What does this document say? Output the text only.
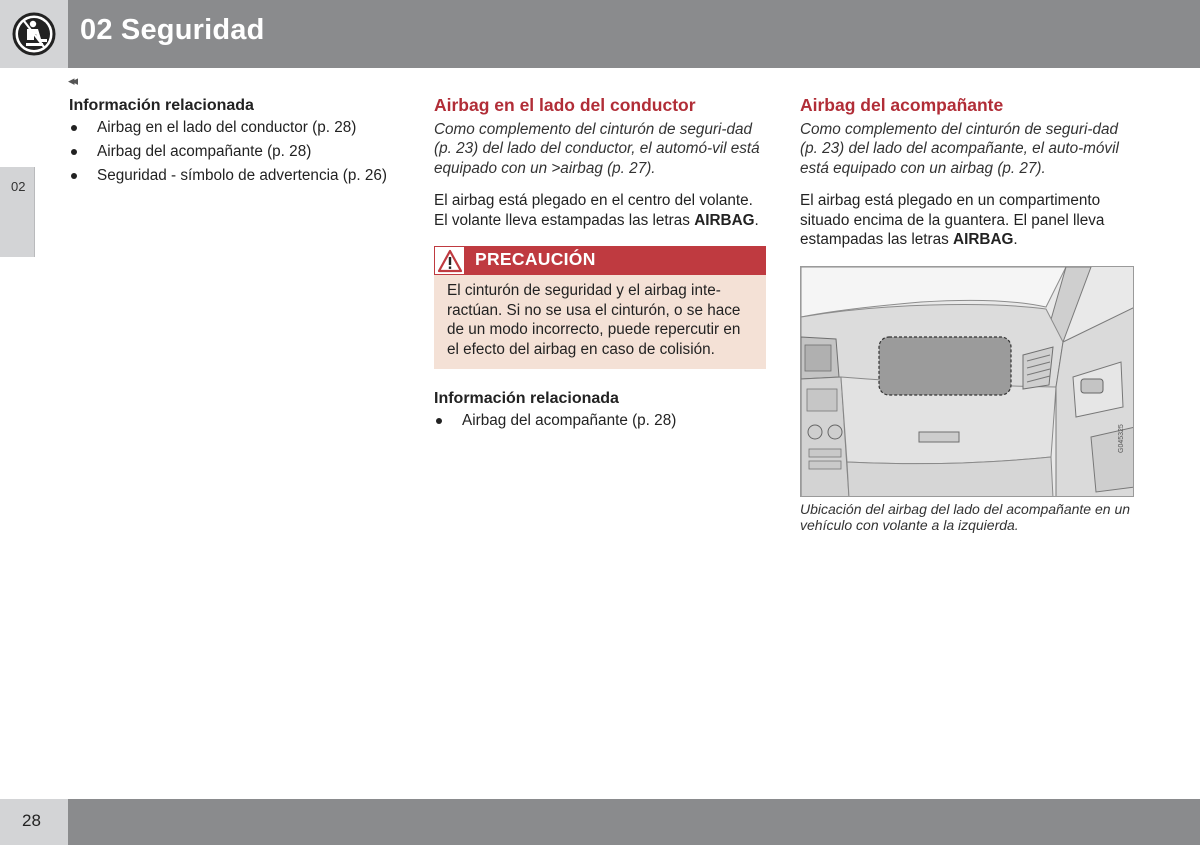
02 Seguridad
02
◂◂
Información relacionada
Airbag en el lado del conductor (p. 28)
Airbag del acompañante (p. 28)
Seguridad - símbolo de advertencia (p. 26)
Airbag en el lado del conductor
Como complemento del cinturón de seguri-dad (p. 23) del lado del conductor, el automó-vil está equipado con un >airbag (p. 27).
El airbag está plegado en el centro del volante. El volante lleva estampadas las letras AIRBAG.
PRECAUCIÓN
El cinturón de seguridad y el airbag inte-ractúan. Si no se usa el cinturón, o se hace de un modo incorrecto, puede repercutir en el efecto del airbag en caso de colisión.
Información relacionada
Airbag del acompañante (p. 28)
Airbag del acompañante
Como complemento del cinturón de seguri-dad (p. 23) del lado del acompañante, el auto-móvil está equipado con un airbag (p. 27).
El airbag está plegado en un compartimento situado encima de la guantera. El panel lleva estampadas las letras AIRBAG.
G045325
Ubicación del airbag del lado del acompañante en un vehículo con volante a la izquierda.
28
